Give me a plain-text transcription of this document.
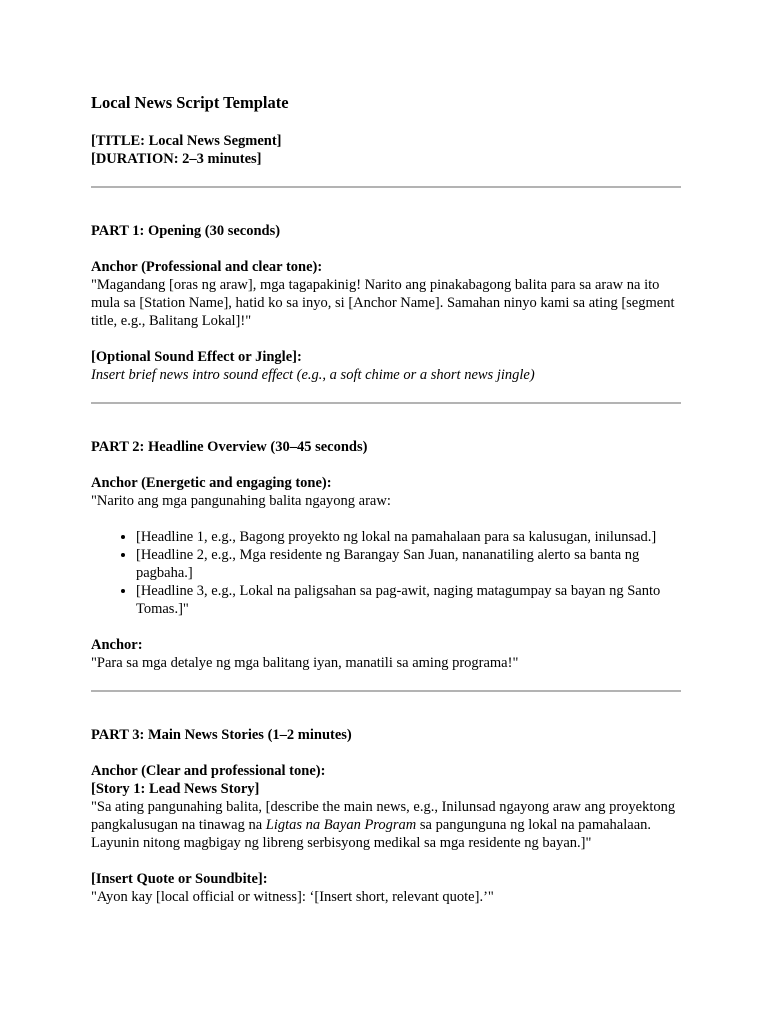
Local News Script Template

[TITLE: Local News Segment]

[DURATION: 2–3 minutes]

PART 1: Opening (30 seconds)

Anchor (Professional and clear tone):

"Magandang [oras ng araw], mga tagapakinig! Narito ang pinakabagong balita para sa araw na ito mula sa [Station Name], hatid ko sa inyo, si [Anchor Name]. Samahan ninyo kami sa ating [segment title, e.g., Balitang Lokal]!"

[Optional Sound Effect or Jingle]:

Insert brief news intro sound effect (e.g., a soft chime or a short news jingle)

PART 2: Headline Overview (30–45 seconds)

Anchor (Energetic and engaging tone):

"Narito ang mga pangunahing balita ngayong araw:

• [Headline 1, e.g., Bagong proyekto ng lokal na pamahalaan para sa kalusugan, inilunsad.]
• [Headline 2, e.g., Mga residente ng Barangay San Juan, nananatiling alerto sa banta ng pagbaha.]
• [Headline 3, e.g., Lokal na paligsahan sa pag-awit, naging matagumpay sa bayan ng Santo Tomas.]"

Anchor:

"Para sa mga detalye ng mga balitang iyan, manatili sa aming programa!"

PART 3: Main News Stories (1–2 minutes)

Anchor (Clear and professional tone):

[Story 1: Lead News Story]

"Sa ating pangunahing balita, [describe the main news, e.g., Inilunsad ngayong araw ang proyektong pangkalusugan na tinawag na Ligtas na Bayan Program sa pangunguna ng lokal na pamahalaan. Layunin nitong magbigay ng libreng serbisyong medikal sa mga residente ng bayan.]"

[Insert Quote or Soundbite]:

"Ayon kay [local official or witness]: ‘[Insert short, relevant quote].’"
